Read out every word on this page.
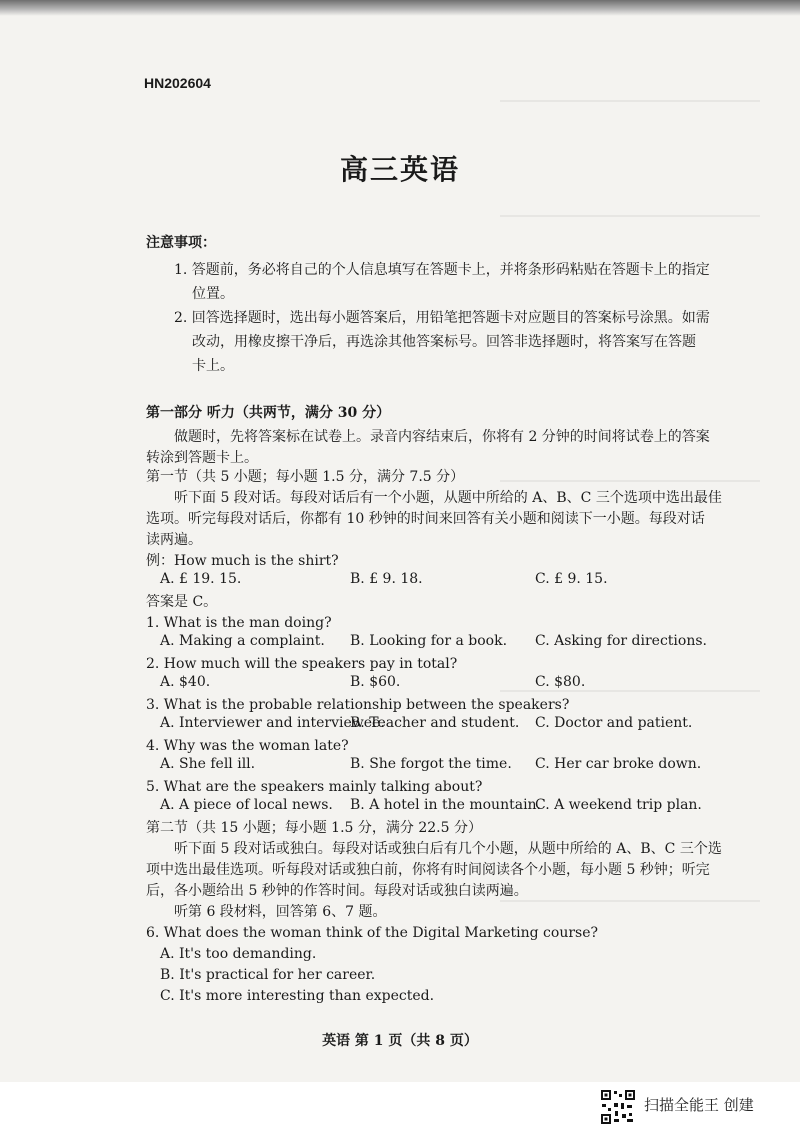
HN202604
高三英语
注意事项：
1. 答题前，务必将自己的个人信息填写在答题卡上，并将条形码粘贴在答题卡上的指定
位置。
2. 回答选择题时，选出每小题答案后，用铅笔把答题卡对应题目的答案标号涂黑。如需
改动，用橡皮擦干净后，再选涂其他答案标号。回答非选择题时，将答案写在答题
卡上。
第一部分 听力（共两节，满分 30 分）
做题时，先将答案标在试卷上。录音内容结束后，你将有 2 分钟的时间将试卷上的答案
转涂到答题卡上。
第一节（共 5 小题；每小题 1.5 分，满分 7.5 分）
听下面 5 段对话。每段对话后有一个小题，从题中所给的 A、B、C 三个选项中选出最佳
选项。听完每段对话后，你都有 10 秒钟的时间来回答有关小题和阅读下一小题。每段对话
读两遍。
例：How much is the shirt?
A. £ 19. 15.	B. £ 9. 18.	C. £ 9. 15.
答案是 C。
1. What is the man doing?
A. Making a complaint. B. Looking for a book. C. Asking for directions.
2. How much will the speakers pay in total?
A. $40.	B. $60.	C. $80.
3. What is the probable relationship between the speakers?
A. Interviewer and interviewee.
B. Teacher and student. C. Doctor and patient.
4. Why was the woman late?
A. She fell ill.	B. She forgot the time. C. Her car broke down.
5. What are the speakers mainly talking about?
A. A piece of local news. B. A hotel in the mountain.
C. A weekend trip plan.
第二节（共 15 小题；每小题 1.5 分，满分 22.5 分）
听下面 5 段对话或独白。每段对话或独白后有几个小题，从题中所给的 A、B、C 三个选
项中选出最佳选项。听每段对话或独白前，你将有时间阅读各个小题，每小题 5 秒钟；听完
后，各小题给出 5 秒钟的作答时间。每段对话或独白读两遍。
听第 6 段材料，回答第 6、7 题。
6. What does the woman think of the Digital Marketing course?
A. It's too demanding.
B. It's practical for her career.
C. It's more interesting than expected.
英语 第 1 页（共 8 页）
扫描全能王 创建
